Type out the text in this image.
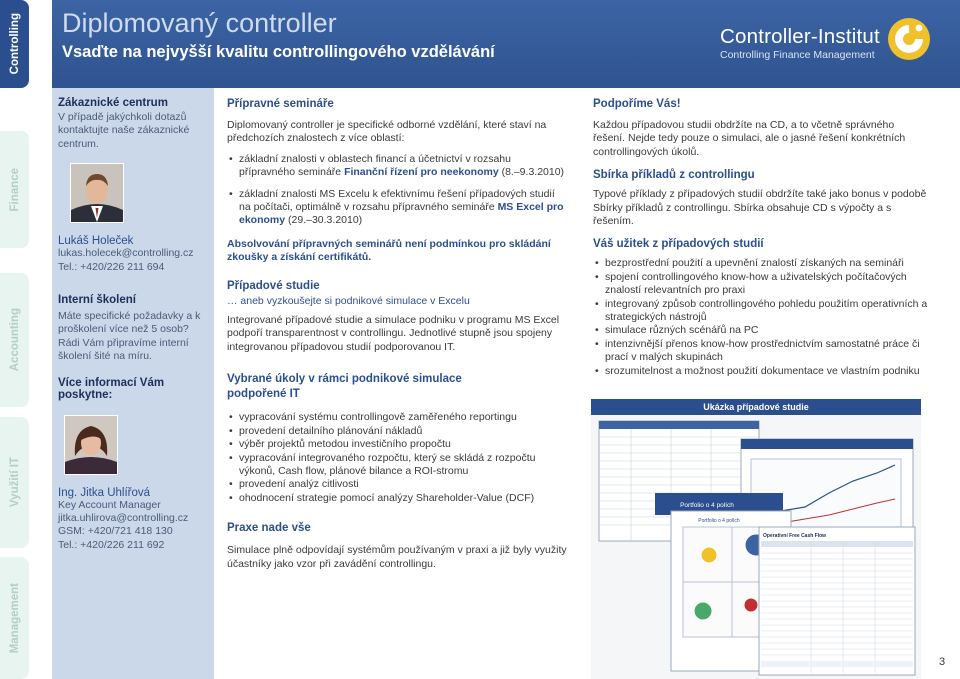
Controlling
Finance
Accounting
Využití IT
Management
Diplomovaný controller
Vsaďte na nejvyšší kvalitu controllingového vzdělávání
Controller-Institut
Controlling Finance Management

Zákaznické centrum

V případě jakýchkoli dotazů kontaktujte naše zákaznické centrum.

Lukáš Holeček

lukas.holecek@controlling.cz

Tel.: +420/226 211 694

Interní školení

Máte specifické požadavky a k proškolení více než 5 osob? Rádi Vám připravíme interní školení šité na míru.

Více informací Vám poskytne:

Ing. Jitka Uhlířová

Key Account Manager

jitka.uhlirova@controlling.cz

GSM: +420/721 418 130

Tel.: +420/226 211 692

Přípravné semináře

Diplomovaný controller je specifické odborné vzdělání, které staví na předchozích znalostech z více oblastí:

• základní znalosti v oblastech financí a účetnictví v rozsahu přípravného semináře Finanční řízení pro neekonomy (8.–9.3.2010)
• základní znalosti MS Excelu k efektivnímu řešení případových studií na počítači, optimálně v rozsahu přípravného semináře MS Excel pro ekonomy (29.–30.3.2010)

Absolvování přípravných seminářů není podmínkou pro skládání zkoušky a získání certifikátů.

Případové studie

… aneb vyzkoušejte si podnikové simulace v Excelu

Integrované případové studie a simulace podniku v programu MS Excel podpoří transparentnost v controllingu. Jednotlivé stupně jsou spojeny integrovanou případovou studií podporovanou IT.

Vybrané úkoly v rámci podnikové simulace podpořené IT

• vypracování systému controllingově zaměřeného reportingu
• provedení detailního plánování nákladů
• výběr projektů metodou investičního propočtu
• vypracování integrovaného rozpočtu, který se skládá z rozpočtu výkonů, Cash flow, plánové bilance a ROI-stromu
• provedení analýz citlivosti
• ohodnocení strategie pomocí analýzy Shareholder-Value (DCF)

Praxe nade vše

Simulace plně odpovídají systémům používaným v praxi a již byly využity účastníky jako vzor při zavádění controllingu.

Podpoříme Vás!

Každou případovou studii obdržíte na CD, a to včetně správného řešení. Nejde tedy pouze o simulaci, ale o jasné řešení konkrétních controllingových úkolů.

Sbírka příkladů z controllingu

Typové příklady z případových studií obdržíte také jako bonus v podobě Sbírky příkladů z controllingu. Sbírka obsahuje CD s výpočty a s řešením.

Váš užitek z případových studií

• bezprostřední použití a upevnění znalostí získaných na semináři
• spojení controllingového know-how a uživatelských počítačových znalostí relevantních pro praxi
• integrovaný způsob controllingového pohledu použitím operativních a strategických nástrojů
• simulace různých scénářů na PC
• intenzivnější přenos know-how prostřednictvím samostatné práce či prací v malých skupinách
• srozumitelnost a možnost použití dokumentace ve vlastním podniku
Ukázka případové studie
Analýza potenciálů
Portfolio o 4 polích
Portfolio o 4 polích
Operativní Free Cash Flow
3
